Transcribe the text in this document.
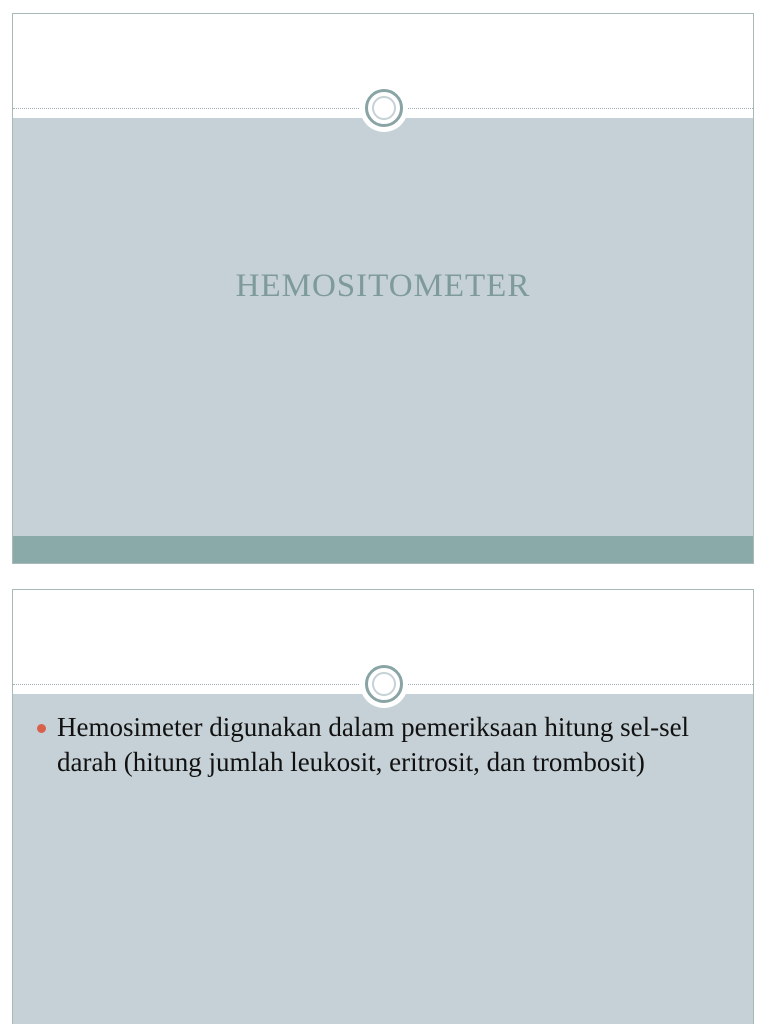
HEMOSITOMETER
Hemosimeter digunakan dalam pemeriksaan hitung sel-sel darah (hitung jumlah leukosit, eritrosit, dan trombosit)
